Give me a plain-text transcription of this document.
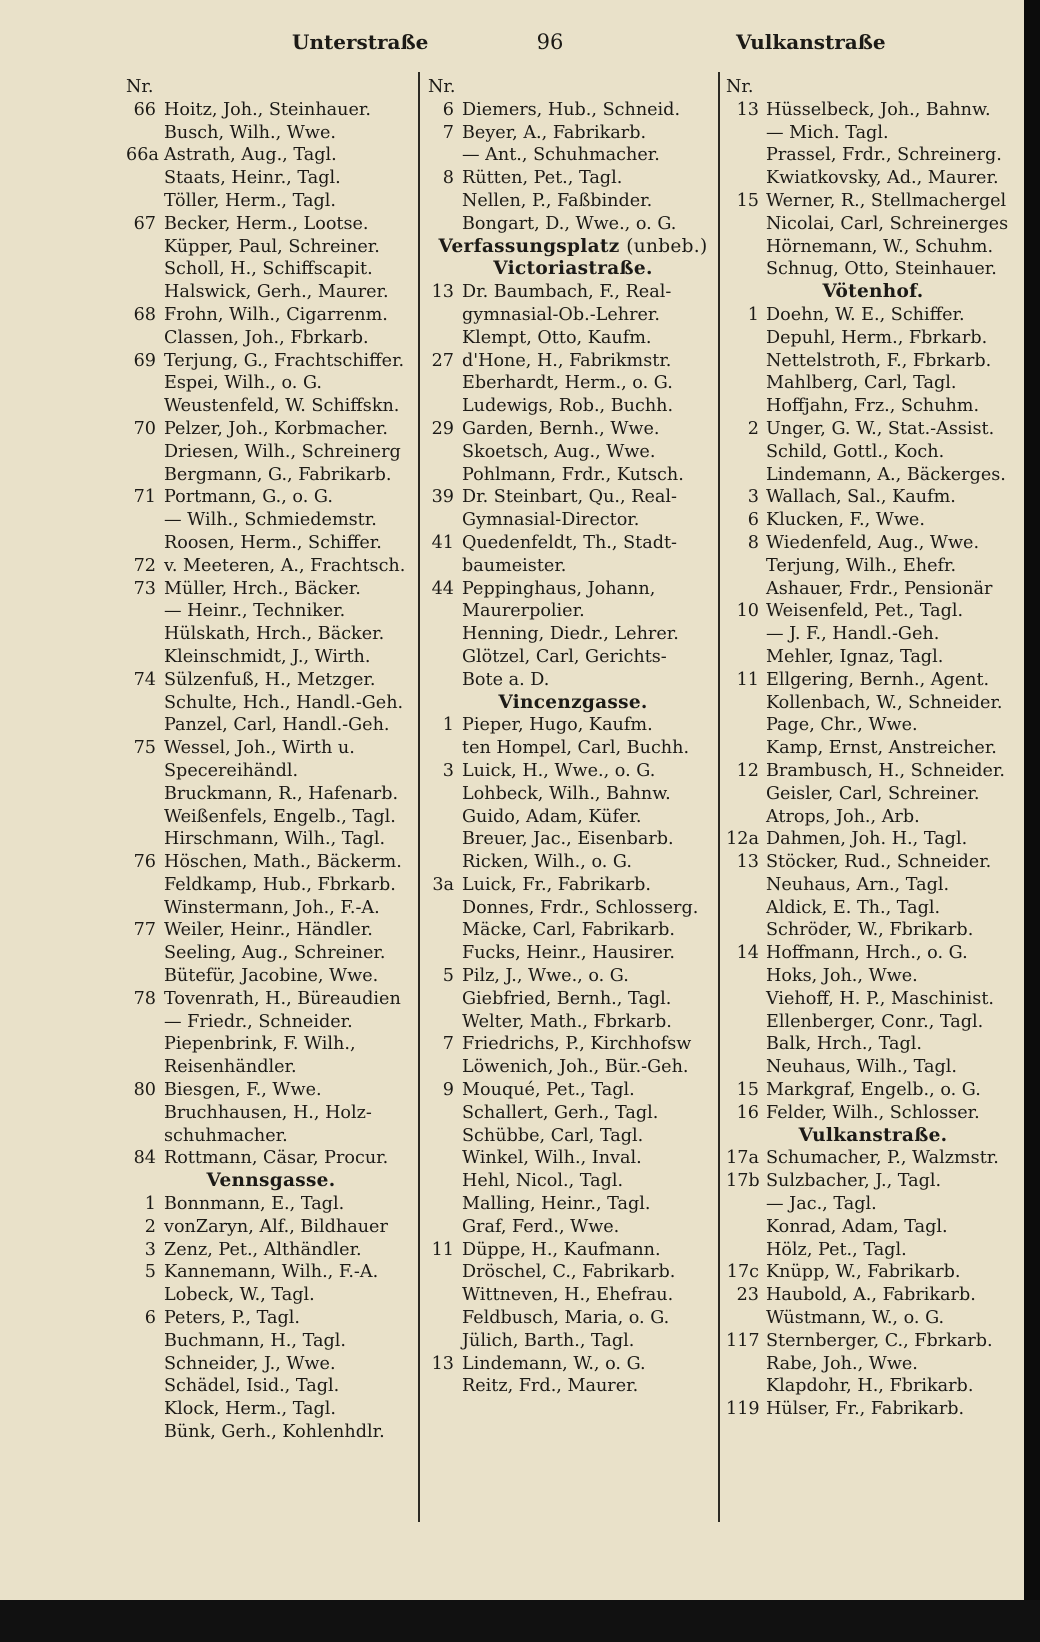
Unterstraße	96	Vulkanstraße
Nr.
66 Hoitz, Joh., Steinhauer.
Busch, Wilh., Wwe.
66a Astrath, Aug., Tagl.
Staats, Heinr., Tagl.
Töller, Herm., Tagl.
67 Becker, Herm., Lootse.
Küpper, Paul, Schreiner.
Scholl, H., Schiffscapit.
Halswick, Gerh., Maurer.
68 Frohn, Wilh., Cigarrenm.
Classen, Joh., Fbrkarb.
69 Terjung, G., Frachtschiffer.
Espei, Wilh., o. G.
Weustenfeld, W. Schiffskn.
70 Pelzer, Joh., Korbmacher.
Driesen, Wilh., Schreinerg
Bergmann, G., Fabrikarb.
71 Portmann, G., o. G.
— Wilh., Schmiedemstr.
Roosen, Herm., Schiffer.
72 v. Meeteren, A., Frachtsch.
73 Müller, Hrch., Bäcker.
— Heinr., Techniker.
Hülskath, Hrch., Bäcker.
Kleinschmidt, J., Wirth.
74 Sülzenfuß, H., Metzger.
Schulte, Hch., Handl.-Geh.
Panzel, Carl, Handl.-Geh.
75 Wessel, Joh., Wirth u.
Specereihändl.
Bruckmann, R., Hafenarb.
Weißenfels, Engelb., Tagl.
Hirschmann, Wilh., Tagl.
76 Höschen, Math., Bäckerm.
Feldkamp, Hub., Fbrkarb.
Winstermann, Joh., F.-A.
77 Weiler, Heinr., Händler.
Seeling, Aug., Schreiner.
Bütefür, Jacobine, Wwe.
78 Tovenrath, H., Büreaudien
— Friedr., Schneider.
Piepenbrink, F. Wilh.,
Reisenhändler.
80 Biesgen, F., Wwe.
Bruchhausen, H., Holz-
schuhmacher.
84 Rottmann, Cäsar, Procur.
Vennsgasse.
1 Bonnmann, E., Tagl.
2 vonZaryn, Alf., Bildhauer
3 Zenz, Pet., Althändler.
5 Kannemann, Wilh., F.-A.
Lobeck, W., Tagl.
6 Peters, P., Tagl.
Buchmann, H., Tagl.
Schneider, J., Wwe.
Schädel, Isid., Tagl.
Klock, Herm., Tagl.
Bünk, Gerh., Kohlenhdlr.
Nr.
6 Diemers, Hub., Schneid.
7 Beyer, A., Fabrikarb.
— Ant., Schuhmacher.
8 Rütten, Pet., Tagl.
Nellen, P., Faßbinder.
Bongart, D., Wwe., o. G.
Verfassungsplatz (unbeb.)
Victoriastraße.
13 Dr. Baumbach, F., Real-
gymnasial-Ob.-Lehrer.
Klempt, Otto, Kaufm.
27 d'Hone, H., Fabrikmstr.
Eberhardt, Herm., o. G.
Ludewigs, Rob., Buchh.
29 Garden, Bernh., Wwe.
Skoetsch, Aug., Wwe.
Pohlmann, Frdr., Kutsch.
39 Dr. Steinbart, Qu., Real-
Gymnasial-Director.
41 Quedenfeldt, Th., Stadt-
baumeister.
44 Peppinghaus, Johann,
Maurerpolier.
Henning, Diedr., Lehrer.
Glötzel, Carl, Gerichts-
Bote a. D.
Vincenzgasse.
1 Pieper, Hugo, Kaufm.
ten Hompel, Carl, Buchh.
3 Luick, H., Wwe., o. G.
Lohbeck, Wilh., Bahnw.
Guido, Adam, Küfer.
Breuer, Jac., Eisenbarb.
Ricken, Wilh., o. G.
3a Luick, Fr., Fabrikarb.
Donnes, Frdr., Schlosserg.
Mäcke, Carl, Fabrikarb.
Fucks, Heinr., Hausirer.
5 Pilz, J., Wwe., o. G.
Giebfried, Bernh., Tagl.
Welter, Math., Fbrkarb.
7 Friedrichs, P., Kirchhofsw
Löwenich, Joh., Bür.-Geh.
9 Mouqué, Pet., Tagl.
Schallert, Gerh., Tagl.
Schübbe, Carl, Tagl.
Winkel, Wilh., Inval.
Hehl, Nicol., Tagl.
Malling, Heinr., Tagl.
Graf, Ferd., Wwe.
11 Düppe, H., Kaufmann.
Dröschel, C., Fabrikarb.
Wittneven, H., Ehefrau.
Feldbusch, Maria, o. G.
Jülich, Barth., Tagl.
13 Lindemann, W., o. G.
Reitz, Frd., Maurer.
Nr.
13 Hüsselbeck, Joh., Bahnw.
— Mich. Tagl.
Prassel, Frdr., Schreinerg.
Kwiatkovsky, Ad., Maurer.
15 Werner, R., Stellmachergel
Nicolai, Carl, Schreinerges
Hörnemann, W., Schuhm.
Schnug, Otto, Steinhauer.
Vötenhof.
1 Doehn, W. E., Schiffer.
Depuhl, Herm., Fbrkarb.
Nettelstroth, F., Fbrkarb.
Mahlberg, Carl, Tagl.
Hoffjahn, Frz., Schuhm.
2 Unger, G. W., Stat.-Assist.
Schild, Gottl., Koch.
Lindemann, A., Bäckerges.
3 Wallach, Sal., Kaufm.
6 Klucken, F., Wwe.
8 Wiedenfeld, Aug., Wwe.
Terjung, Wilh., Ehefr.
Ashauer, Frdr., Pensionär
10 Weisenfeld, Pet., Tagl.
— J. F., Handl.-Geh.
Mehler, Ignaz, Tagl.
11 Ellgering, Bernh., Agent.
Kollenbach, W., Schneider.
Page, Chr., Wwe.
Kamp, Ernst, Anstreicher.
12 Brambusch, H., Schneider.
Geisler, Carl, Schreiner.
Atrops, Joh., Arb.
12a Dahmen, Joh. H., Tagl.
13 Stöcker, Rud., Schneider.
Neuhaus, Arn., Tagl.
Aldick, E. Th., Tagl.
Schröder, W., Fbrikarb.
14 Hoffmann, Hrch., o. G.
Hoks, Joh., Wwe.
Viehoff, H. P., Maschinist.
Ellenberger, Conr., Tagl.
Balk, Hrch., Tagl.
Neuhaus, Wilh., Tagl.
15 Markgraf, Engelb., o. G.
16 Felder, Wilh., Schlosser.
Vulkanstraße.
17a Schumacher, P., Walzmstr.
17b Sulzbacher, J., Tagl.
— Jac., Tagl.
Konrad, Adam, Tagl.
Hölz, Pet., Tagl.
17c Knüpp, W., Fabrikarb.
23 Haubold, A., Fabrikarb.
Wüstmann, W., o. G.
117 Sternberger, C., Fbrkarb.
Rabe, Joh., Wwe.
Klapdohr, H., Fbrikarb.
119 Hülser, Fr., Fabrikarb.
